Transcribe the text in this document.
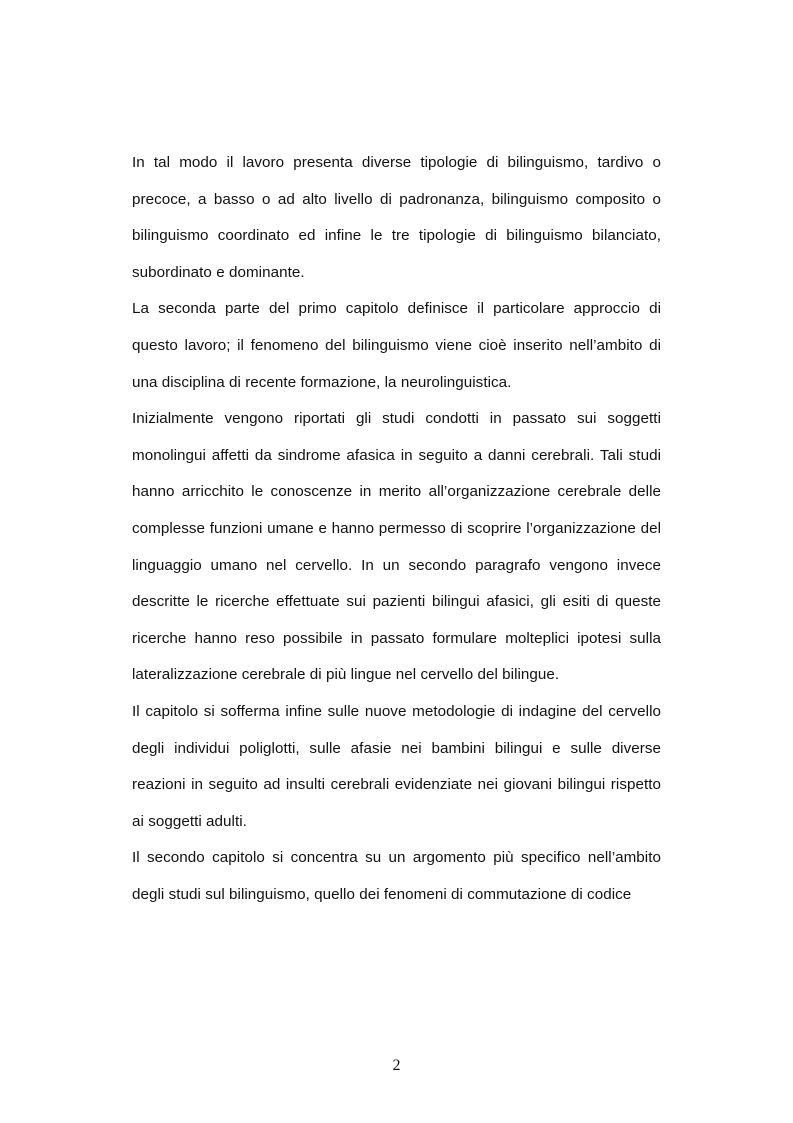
In tal modo il lavoro presenta diverse tipologie di bilinguismo, tardivo o precoce, a basso o ad alto livello di padronanza, bilinguismo composito o bilinguismo coordinato ed infine le tre tipologie di bilinguismo bilanciato, subordinato e dominante.

La seconda parte del primo capitolo definisce il particolare approccio di questo lavoro; il fenomeno del bilinguismo viene cioè inserito nell’ambito di una disciplina di recente formazione, la neurolinguistica.

Inizialmente vengono riportati gli studi condotti in passato sui soggetti monolingui affetti da sindrome afasica in seguito a danni cerebrali. Tali studi hanno arricchito le conoscenze in merito all’organizzazione cerebrale delle complesse funzioni umane e hanno permesso di scoprire l’organizzazione del linguaggio umano nel cervello. In un secondo paragrafo vengono invece descritte le ricerche effettuate sui pazienti bilingui afasici, gli esiti di queste ricerche hanno reso possibile in passato formulare molteplici ipotesi sulla lateralizzazione cerebrale di più lingue nel cervello del bilingue.

Il capitolo si sofferma infine sulle nuove metodologie di indagine del cervello degli individui poliglotti, sulle afasie nei bambini bilingui e sulle diverse reazioni in seguito ad insulti cerebrali evidenziate nei giovani bilingui rispetto ai soggetti adulti.

Il secondo capitolo si concentra su un argomento più specifico nell’ambito degli studi sul bilinguismo, quello dei fenomeni di commutazione di codice

2
